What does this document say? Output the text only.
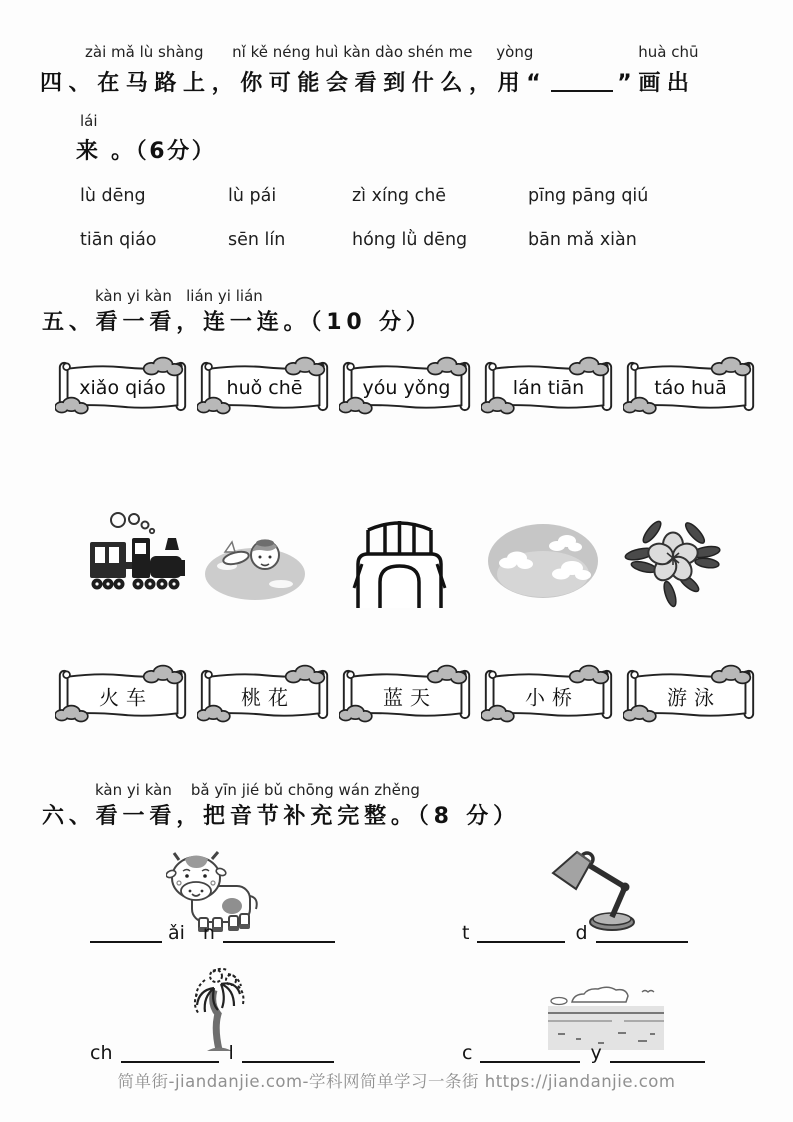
zài mǎ lù shàng      nǐ kě néng huì kàn dào shén me     yòng                      huà chū
四、在马路上，你可能会看到什么，用“	”画出
lái
来 。（6分）
lù dēng	lù pái	zì xíng chē	pīng pāng qiú
tiān qiáo	sēn lín	hóng lǜ dēng	bān mǎ xiàn
kàn yi kàn   lián yi lián
五、看一看，连一连。（10 分）
xiǎo qiáo	huǒ chē	yóu yǒng	lán tiān	táo huā
火车	桃花	蓝天	小桥	游泳
kàn yi kàn    bǎ yīn jié bǔ chōng wán zhěng
六、看一看，把音节补充完整。（8 分）
ǎi n	t	d
ch	l	c	y
简单街-jiandanjie.com-学科网简单学习一条街 https://jiandanjie.com
